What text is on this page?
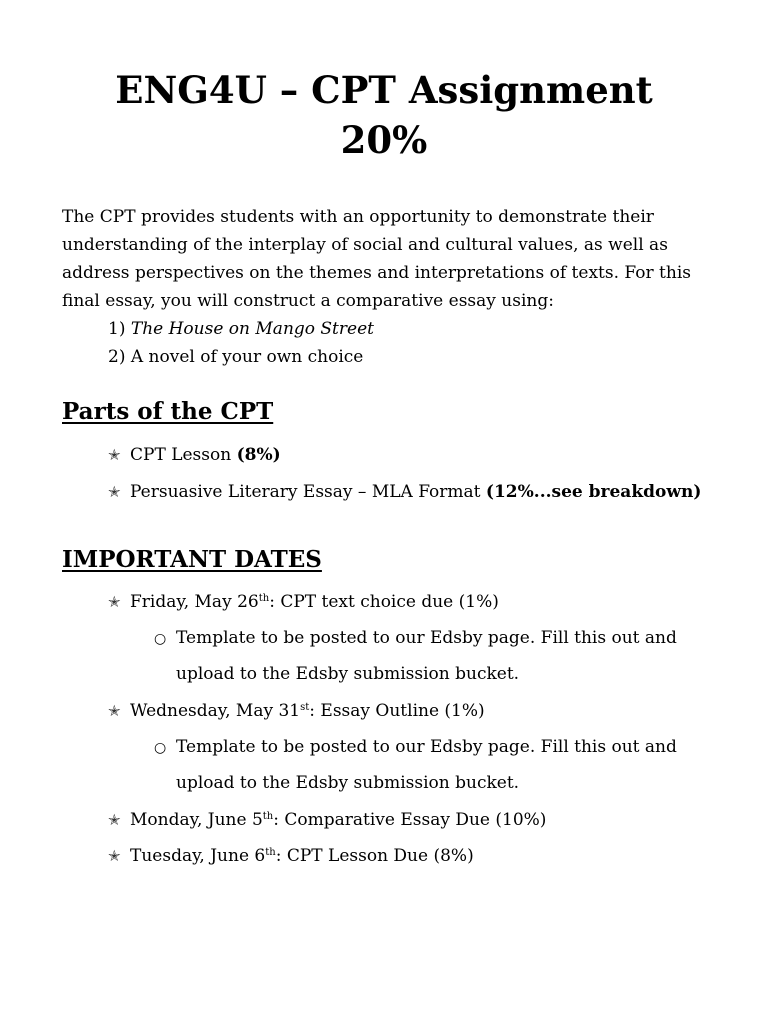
ENG4U – CPT Assignment
20%

The CPT provides students with an opportunity to demonstrate their

understanding of the interplay of social and cultural values, as well as

address perspectives on the themes and interpretations of texts. For this

final essay, you will construct a comparative essay using:

1) The House on Mango Street

2) A novel of your own choice

Parts of the CPT
✭ CPT Lesson (8%)
✭ Persuasive Literary Essay – MLA Format (12%...see breakdown)
IMPORTANT DATES
✭ Friday, May 26th: CPT text choice due (1%)
○ Template to be posted to our Edsby page. Fill this out and
upload to the Edsby submission bucket.
✭ Wednesday, May 31st: Essay Outline (1%)
○ Template to be posted to our Edsby page. Fill this out and
upload to the Edsby submission bucket.
✭ Monday, June 5th: Comparative Essay Due (10%)
✭ Tuesday, June 6th: CPT Lesson Due (8%)
